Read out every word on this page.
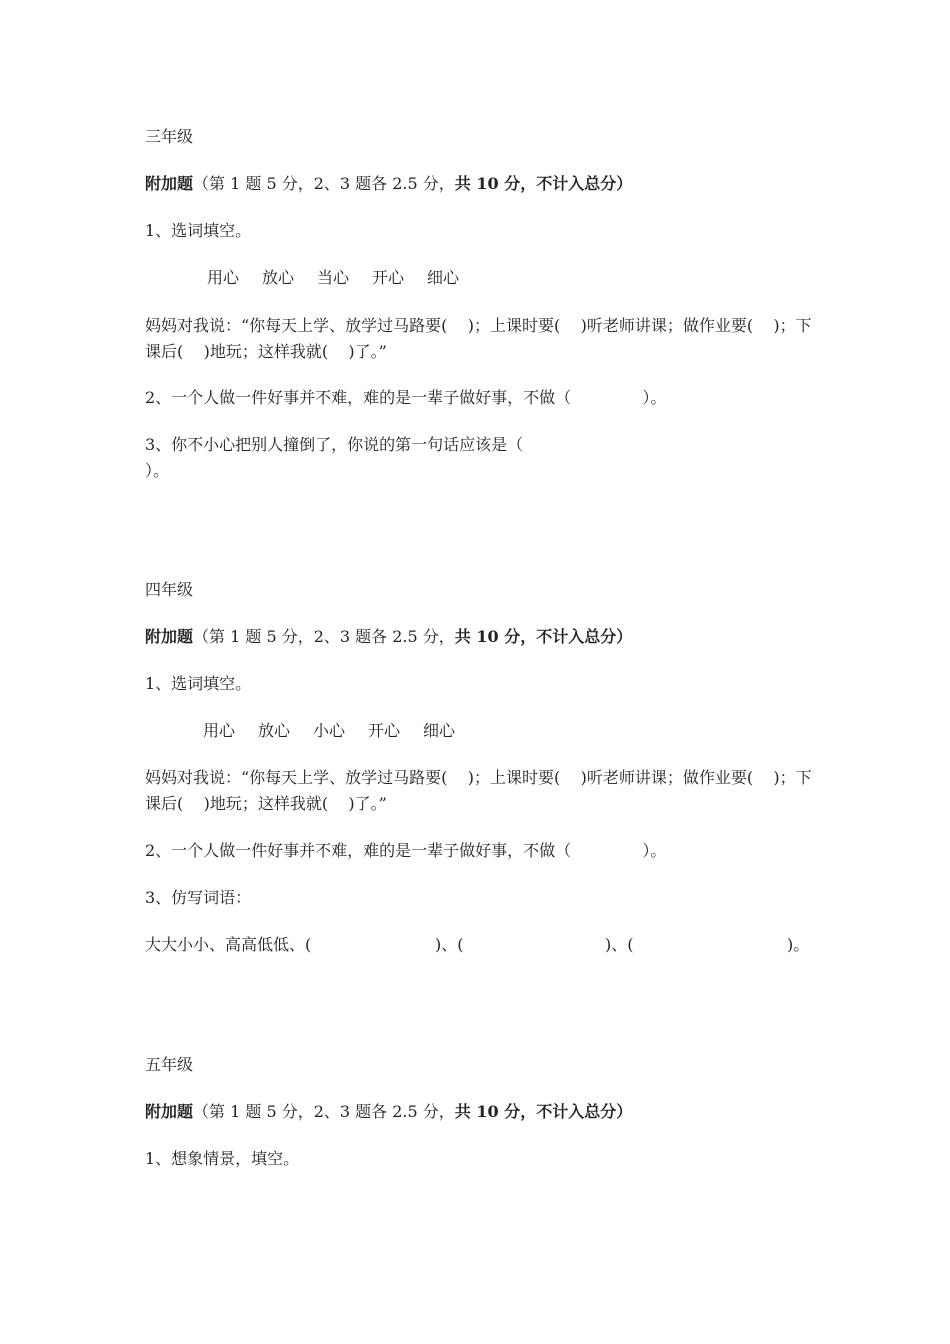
三年级

附加题（第 1 题 5 分，2、3 题各 2.5 分，共 10 分，不计入总分）

1、选词填空。

用心	放心	当心	开心	细心

妈妈对我说：“你每天上学、放学过马路要(    )；上课时要(    )听老师讲课；做作业要(    )；下

课后(    )地玩；这样我就(    )了。”

2、一个人做一件好事并不难，难的是一辈子做好事，不做（              ）。

3、你不小心把别人撞倒了，你说的第一句话应该是（

）。

四年级

附加题（第 1 题 5 分，2、3 题各 2.5 分，共 10 分，不计入总分）

1、选词填空。

用心	放心	小心	开心	细心

妈妈对我说：“你每天上学、放学过马路要(    )；上课时要(    )听老师讲课；做作业要(    )；下

课后(    )地玩；这样我就(    )了。”

2、一个人做一件好事并不难，难的是一辈子做好事，不做（              ）。

3、仿写词语：

大大小小、高高低低、(	)、(	)、(	)。

五年级

附加题（第 1 题 5 分，2、3 题各 2.5 分，共 10 分，不计入总分）

1、想象情景，填空。
